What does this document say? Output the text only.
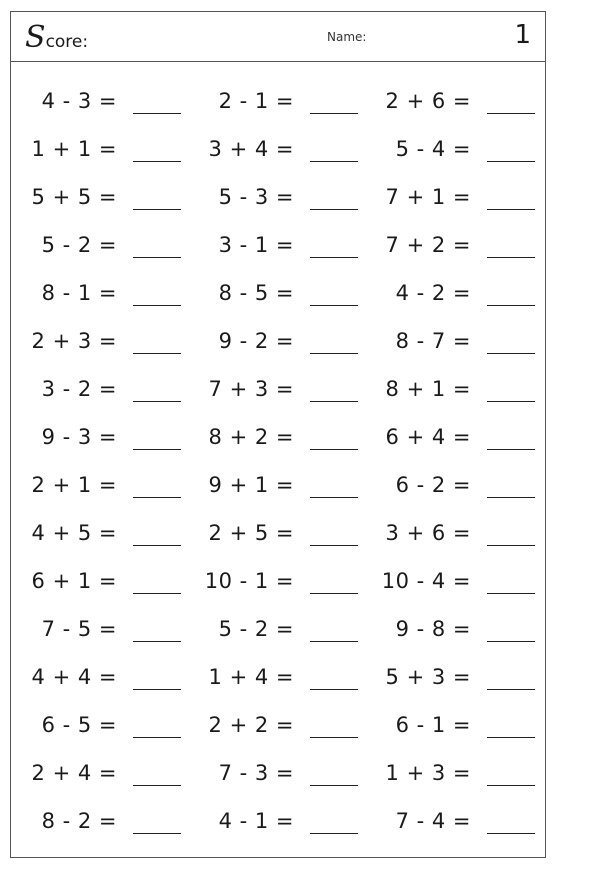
Score:	Name:	1
4 - 3 =	2 - 1 =	2 + 6 =
1 + 1 =	3 + 4 =	5 - 4 =
5 + 5 =	5 - 3 =	7 + 1 =
5 - 2 =	3 - 1 =	7 + 2 =
8 - 1 =	8 - 5 =	4 - 2 =
2 + 3 =	9 - 2 =	8 - 7 =
3 - 2 =	7 + 3 =	8 + 1 =
9 - 3 =	8 + 2 =	6 + 4 =
2 + 1 =	9 + 1 =	6 - 2 =
4 + 5 =	2 + 5 =	3 + 6 =
6 + 1 =	10 - 1 =	10 - 4 =
7 - 5 =	5 - 2 =	9 - 8 =
4 + 4 =	1 + 4 =	5 + 3 =
6 - 5 =	2 + 2 =	6 - 1 =
2 + 4 =	7 - 3 =	1 + 3 =
8 - 2 =	4 - 1 =	7 - 4 =
